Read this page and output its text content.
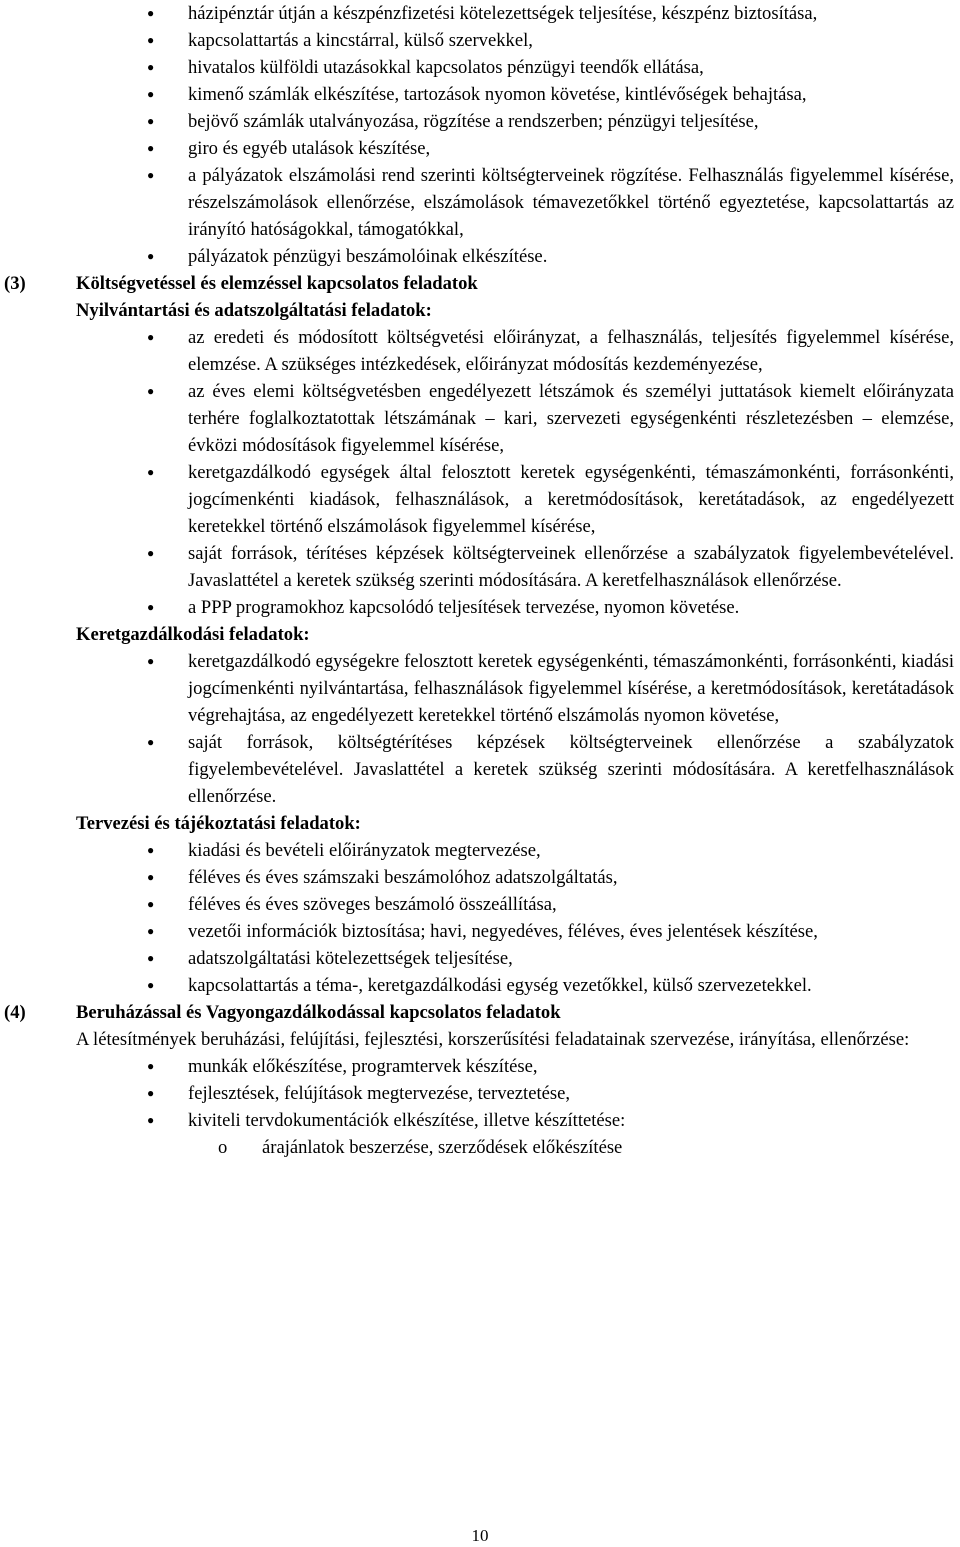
● házipénztár útján a készpénzfizetési kötelezettségek teljesítése, készpénz biztosítása,
● kapcsolattartás a kincstárral, külső szervekkel,
● hivatalos külföldi utazásokkal kapcsolatos pénzügyi teendők ellátása,
● kimenő számlák elkészítése, tartozások nyomon követése, kintlévőségek behajtása,
● bejövő számlák utalványozása, rögzítése a rendszerben; pénzügyi teljesítése,
● giro és egyéb utalások készítése,
● a pályázatok elszámolási rend szerinti költségterveinek rögzítése. Felhasználás figyelemmel kísérése, részelszámolások ellenőrzése, elszámolások témavezetőkkel történő egyeztetése, kapcsolattartás az irányító hatóságokkal, támogatókkal,
● pályázatok pénzügyi beszámolóinak elkészítése.
(3)	Költségvetéssel és elemzéssel kapcsolatos feladatok
Nyilvántartási és adatszolgáltatási feladatok:
● az eredeti és módosított költségvetési előirányzat, a felhasználás, teljesítés figyelemmel kísérése, elemzése. A szükséges intézkedések, előirányzat módosítás kezdeményezése,
● az éves elemi költségvetésben engedélyezett létszámok és személyi juttatások kiemelt előirányzata terhére foglalkoztatottak létszámának – kari, szervezeti egységenkénti részletezésben – elemzése, évközi módosítások figyelemmel kísérése,
● keretgazdálkodó egységek által felosztott keretek egységenkénti, témaszámonkénti, forrásonkénti, jogcímenkénti kiadások, felhasználások, a keretmódosítások, keretátadások, az engedélyezett keretekkel történő elszámolások figyelemmel kísérése,
● saját források, térítéses képzések költségterveinek ellenőrzése a szabályzatok figyelembevételével. Javaslattétel a keretek szükség szerinti módosítására. A keretfelhasználások ellenőrzése.
● a PPP programokhoz kapcsolódó teljesítések tervezése, nyomon követése.
Keretgazdálkodási feladatok:
● keretgazdálkodó egységekre felosztott keretek egységenkénti, témaszámonkénti, forrásonkénti, kiadási jogcímenkénti nyilvántartása, felhasználások figyelemmel kísérése, a keretmódosítások, keretátadások végrehajtása, az engedélyezett keretekkel történő elszámolás nyomon követése,
● saját források, költségtérítéses képzések költségterveinek ellenőrzése a szabályzatok figyelembevételével. Javaslattétel a keretek szükség szerinti módosítására. A keretfelhasználások ellenőrzése.
Tervezési és tájékoztatási feladatok:
● kiadási és bevételi előirányzatok megtervezése,
● féléves és éves számszaki beszámolóhoz adatszolgáltatás,
● féléves és éves szöveges beszámoló összeállítása,
● vezetői információk biztosítása; havi, negyedéves, féléves, éves jelentések készítése,
● adatszolgáltatási kötelezettségek teljesítése,
● kapcsolattartás a téma-, keretgazdálkodási egység vezetőkkel, külső szervezetekkel.
(4)	Beruházással és Vagyongazdálkodással kapcsolatos feladatok
A létesítmények beruházási, felújítási, fejlesztési, korszerűsítési feladatainak szervezése, irányítása, ellenőrzése:
● munkák előkészítése, programtervek készítése,
● fejlesztések, felújítások megtervezése, terveztetése,
● kiviteli tervdokumentációk elkészítése, illetve készíttetése:
o árajánlatok beszerzése, szerződések előkészítése
10
